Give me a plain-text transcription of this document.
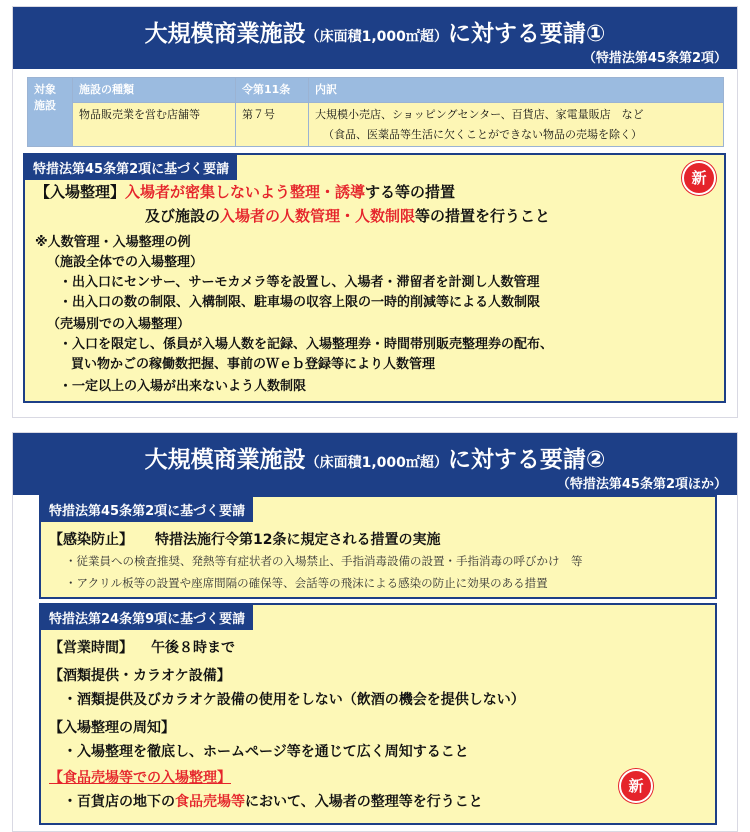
大規模商業施設（床面積1,000㎡超）に対する要請①
（特措法第45条第2項）
対象施設	施設の種類	令第11条	内訳
	物品販売業を営む店舗等	第７号	大規模小売店、ショッピングセンター、百貨店、家電量販店　など
（食品、医薬品等生活に欠くことができない物品の売場を除く）
特措法第45条第2項に基づく要請	新
【入場整理】入場者が密集しないよう整理・誘導する等の措置
及び施設の入場者の人数管理・人数制限等の措置を行うこと
※人数管理・入場整理の例
（施設全体での入場整理）
・出入口にセンサー、サーモカメラ等を設置し、入場者・滞留者を計測し人数管理
・出入口の数の制限、入構制限、駐車場の収容上限の一時的削減等による人数制限
（売場別での入場整理）
・入口を限定し、係員が入場人数を記録、入場整理券・時間帯別販売整理券の配布、
買い物かごの稼働数把握、事前のＷｅｂ登録等により人数管理
・一定以上の入場が出来ないよう人数制限
大規模商業施設（床面積1,000㎡超）に対する要請②
（特措法第45条第2項ほか）
特措法第45条第2項に基づく要請
【感染防止】 特措法施行令第12条に規定される措置の実施
・従業員への検査推奨、発熱等有症状者の入場禁止、手指消毒設備の設置・手指消毒の呼びかけ　等
・アクリル板等の設置や座席間隔の確保等、会話等の飛沫による感染の防止に効果のある措置
特措法第24条第9項に基づく要請
【営業時間】 午後８時まで
【酒類提供・カラオケ設備】
・酒類提供及びカラオケ設備の使用をしない（飲酒の機会を提供しない）
【入場整理の周知】
・入場整理を徹底し、ホームページ等を通じて広く周知すること
【食品売場等での入場整理】
・百貨店の地下の食品売場等において、入場者の整理等を行うこと
新
